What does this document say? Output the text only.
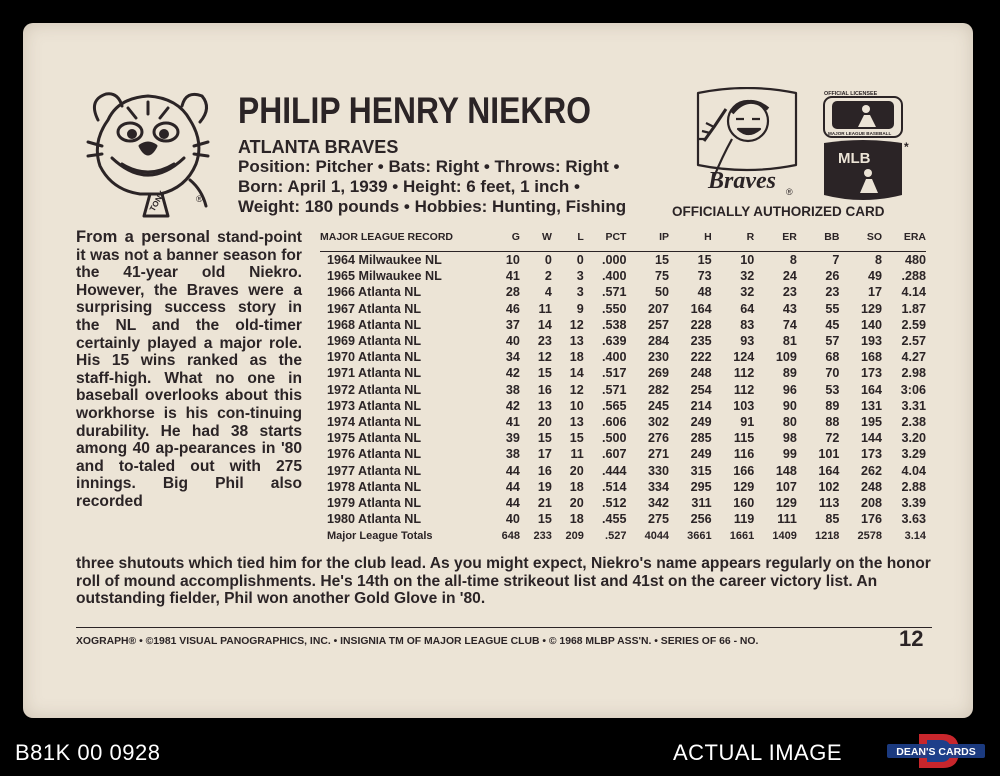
TONY	®
PHILIP HENRY NIEKRO
ATLANTA BRAVES
Position: Pitcher • Bats: Right • Throws: Right •
Born: April 1, 1939 • Height: 6 feet, 1 inch •
Weight: 180 pounds • Hobbies: Hunting, Fishing
Braves ®
OFFICIAL LICENSEE
MAJOR LEAGUE BASEBALL
MLB
*
OFFICIALLY AUTHORIZED CARD
From a personal stand-point it was not a banner season for the 41-year old Niekro. However, the Braves were a surprising success story in the NL and the old-timer certainly played a major role. His 15 wins ranked as the staff-high. What no one in baseball overlooks about this workhorse is his con-tinuing durability. He had 38 starts among 40 ap-pearances in '80 and to-taled out with 275 innings. Big Phil also recorded
three shutouts which tied him for the club lead. As you might expect, Niekro's name appears regularly on the honor roll of mound accomplishments. He's 14th on the all-time strikeout list and 41st on the career victory list. An outstanding fielder, Phil won another Gold Glove in '80.
MAJOR LEAGUE RECORD	G	W	L	PCT	IP	H	R	ER	BB	SO	ERA
1964 Milwaukee NL	10	0	0	.000	15	15	10	8	7	8	480
1965 Milwaukee NL	41	2	3	.400	75	73	32	24	26	49	.288
1966 Atlanta NL	28	4	3	.571	50	48	32	23	23	17	4.14
1967 Atlanta NL	46	11	9	.550	207	164	64	43	55	129	1.87
1968 Atlanta NL	37	14	12	.538	257	228	83	74	45	140	2.59
1969 Atlanta NL	40	23	13	.639	284	235	93	81	57	193	2.57
1970 Atlanta NL	34	12	18	.400	230	222	124	109	68	168	4.27
1971 Atlanta NL	42	15	14	.517	269	248	112	89	70	173	2.98
1972 Atlanta NL	38	16	12	.571	282	254	112	96	53	164	3:06
1973 Atlanta NL	42	13	10	.565	245	214	103	90	89	131	3.31
1974 Atlanta NL	41	20	13	.606	302	249	91	80	88	195	2.38
1975 Atlanta NL	39	15	15	.500	276	285	115	98	72	144	3.20
1976 Atlanta NL	38	17	11	.607	271	249	116	99	101	173	3.29
1977 Atlanta NL	44	16	20	.444	330	315	166	148	164	262	4.04
1978 Atlanta NL	44	19	18	.514	334	295	129	107	102	248	2.88
1979 Atlanta NL	44	21	20	.512	342	311	160	129	113	208	3.39
1980 Atlanta NL	40	15	18	.455	275	256	119	111	85	176	3.63
Major League Totals	648	233	209	.527	4044	3661	1661	1409	1218	2578	3.14
XOGRAPH® • ©1981 VISUAL PANOGRAPHICS, INC. • INSIGNIA TM OF MAJOR LEAGUE CLUB • © 1968 MLBP ASS'N. • SERIES OF 66 - NO.	12
B81K 00 0928	ACTUAL IMAGE	DEAN'S CARDS
